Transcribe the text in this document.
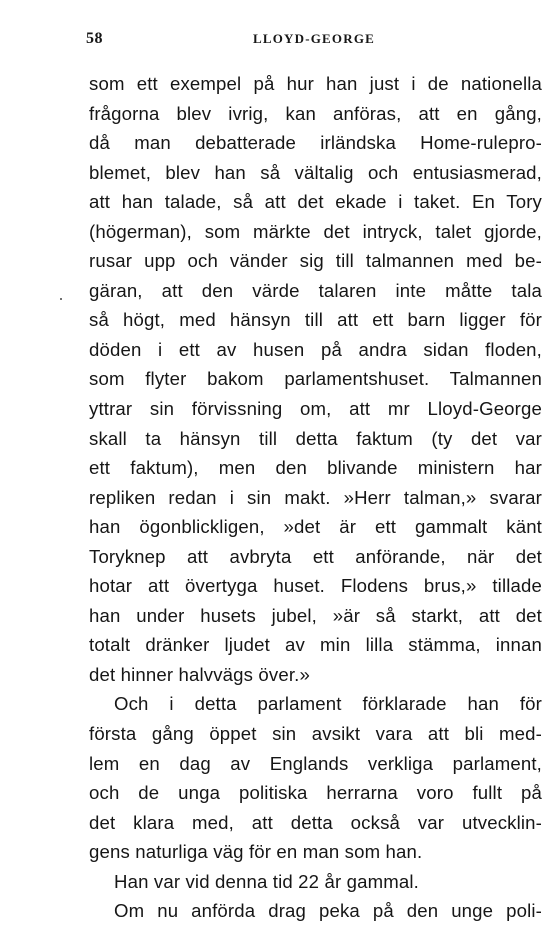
58	LLOYD-GEORGE
som ett exempel på hur han just i de nationella
frågorna blev ivrig, kan anföras, att en gång,
då man debatterade irländska Home-rulepro-
blemet, blev han så vältalig och entusiasmerad,
att han talade, så att det ekade i taket. En Tory
(högerman), som märkte det intryck, talet gjorde,
rusar upp och vänder sig till talmannen med be-
gäran, att den värde talaren inte måtte tala
så högt, med hänsyn till att ett barn ligger för
döden i ett av husen på andra sidan floden,
som flyter bakom parlamentshuset. Talmannen
yttrar sin förvissning om, att mr Lloyd-George
skall ta hänsyn till detta faktum (ty det var
ett faktum), men den blivande ministern har
repliken redan i sin makt. »Herr talman,» svarar
han ögonblickligen, »det är ett gammalt känt
Toryknep att avbryta ett anförande, när det
hotar att övertyga huset. Flodens brus,» tillade
han under husets jubel, »är så starkt, att det
totalt dränker ljudet av min lilla stämma, innan
det hinner halvvägs över.»
Och i detta parlament förklarade han för
första gång öppet sin avsikt vara att bli med-
lem en dag av Englands verkliga parlament,
och de unga politiska herrarna voro fullt på
det klara med, att detta också var utvecklin-
gens naturliga väg för en man som han.
Han var vid denna tid 22 år gammal.
Om nu anförda drag peka på den unge poli-
